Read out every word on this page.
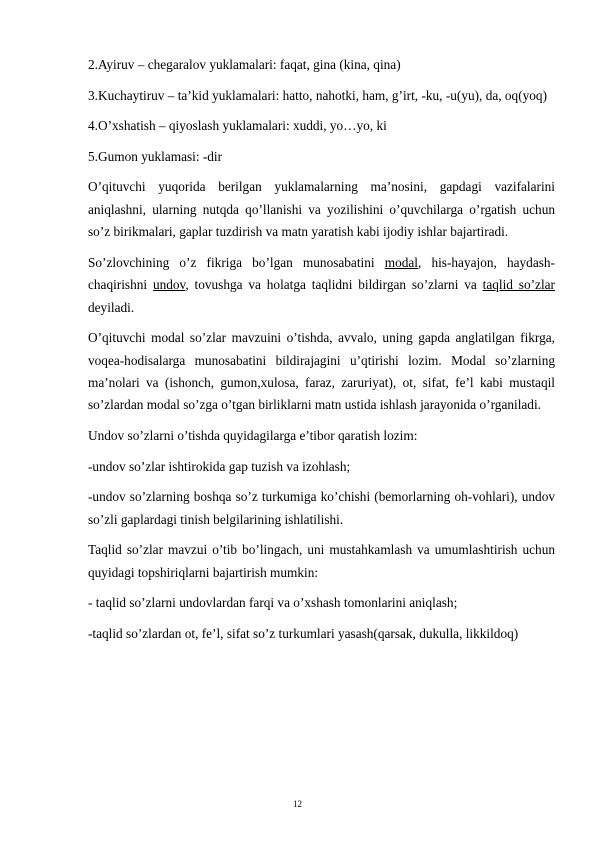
2.Ayiruv – chegaralov yuklamalari: faqat, gina (kina, qina)

3.Kuchaytiruv – ta’kid yuklamalari: hatto, nahotki, ham, g’irt, -ku, -u(yu), da, oq(yoq)

4.O’xshatish – qiyoslash yuklamalari: xuddi, yo…yo, ki

5.Gumon yuklamasi: -dir

O’qituvchi yuqorida berilgan yuklamalarning ma’nosini, gapdagi vazifalarini aniqlashni, ularning nutqda qo’llanishi va yozilishini o’quvchilarga o’rgatish uchun so’z birikmalari, gaplar tuzdirish va matn yaratish kabi ijodiy ishlar bajartiradi.

So’zlovchining o’z fikriga bo’lgan munosabatini modal, his-hayajon, haydash-chaqirishni undov, tovushga va holatga taqlidni bildirgan so’zlarni va taqlid so’zlar deyiladi.

O’qituvchi modal so’zlar mavzuini o’tishda, avvalo, uning gapda anglatilgan fikrga, voqea-hodisalarga munosabatini bildirajagini u’qtirishi lozim. Modal so’zlarning ma’nolari va (ishonch, gumon,xulosa, faraz, zaruriyat), ot, sifat, fe’l kabi mustaqil so’zlardan modal so’zga o’tgan birliklarni matn ustida ishlash jarayonida o’rganiladi.

Undov so’zlarni o’tishda quyidagilarga e’tibor qaratish lozim:

-undov so’zlar ishtirokida gap tuzish va izohlash;

-undov so’zlarning boshqa so’z turkumiga ko’chishi (bemorlarning oh-vohlari), undov so’zli gaplardagi tinish belgilarining ishlatilishi.

Taqlid so’zlar mavzui o’tib bo’lingach, uni mustahkamlash va umumlashtirish uchun quyidagi topshiriqlarni bajartirish mumkin:

- taqlid so’zlarni undovlardan farqi va o’xshash tomonlarini aniqlash;

-taqlid so’zlardan ot, fe’l, sifat so’z turkumlari yasash(qarsak, dukulla, likkildoq)

12
